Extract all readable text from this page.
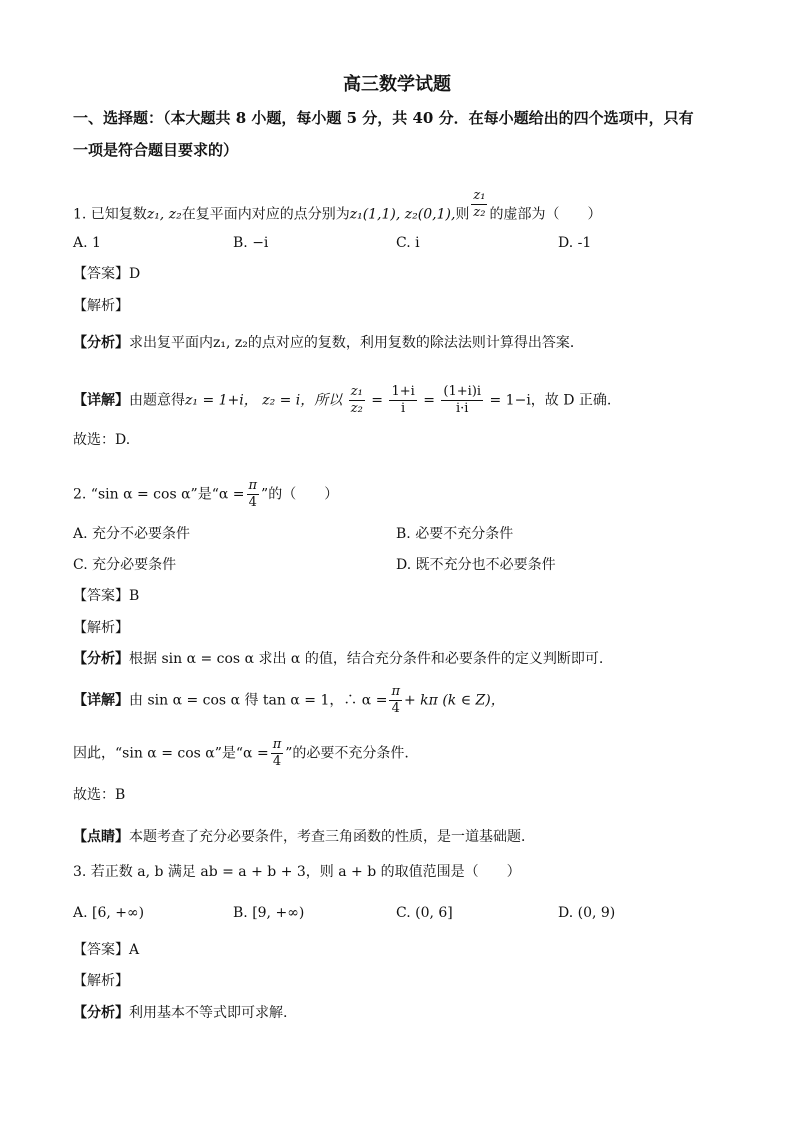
高三数学试题
一、选择题：（本大题共 8 小题，每小题 5 分，共 40 分．在每小题给出的四个选项中，只有
一项是符合题目要求的）
1. 已知复数z₁, z₂在复平面内对应的点分别为z₁(1,1), z₂(0,1),则 $\frac{\text{z₁}}{\text{z₂}}$ 的虚部为（　　）
A. 1	B. −i	C. i	D. -1
【答案】D
【解析】
【分析】求出复平面内z₁, z₂的点对应的复数，利用复数的除法法则计算得出答案．
【详解】由题意得z₁ = 1+i， z₂ = i，所以 $\frac{\text{z₁}}{\text{z₂}} = \frac{1+i}{i} = \frac{(1+i)i}{i\cdot i} = 1-i$，故 D 正确.
故选：D.
2. “sin α = cos α”是“$\alpha = \frac{\pi}{4}$ ”的（　　）
A. 充分不必要条件	B. 必要不充分条件
C. 充分必要条件	D. 既不充分也不必要条件
【答案】B
【解析】
【分析】根据 sin α = cos α 求出 α 的值，结合充分条件和必要条件的定义判断即可.
【详解】由 sin α = cos α 得 tan α = 1，∴ $\alpha = \frac{\pi}{4} + k\pi$ (k ∈ Z)，
因此，“sin α = cos α”是“$\alpha = \frac{\pi}{4}$ ”的必要不充分条件.
故选：B
【点睛】本题考查了充分必要条件，考查三角函数的性质，是一道基础题．
3. 若正数 a, b 满足 ab = a + b + 3，则 a + b 的取值范围是（　　）
A. [6, +∞)	B. [9, +∞)	C. (0, 6]	D. (0, 9)
【答案】A
【解析】
【分析】利用基本不等式即可求解.
